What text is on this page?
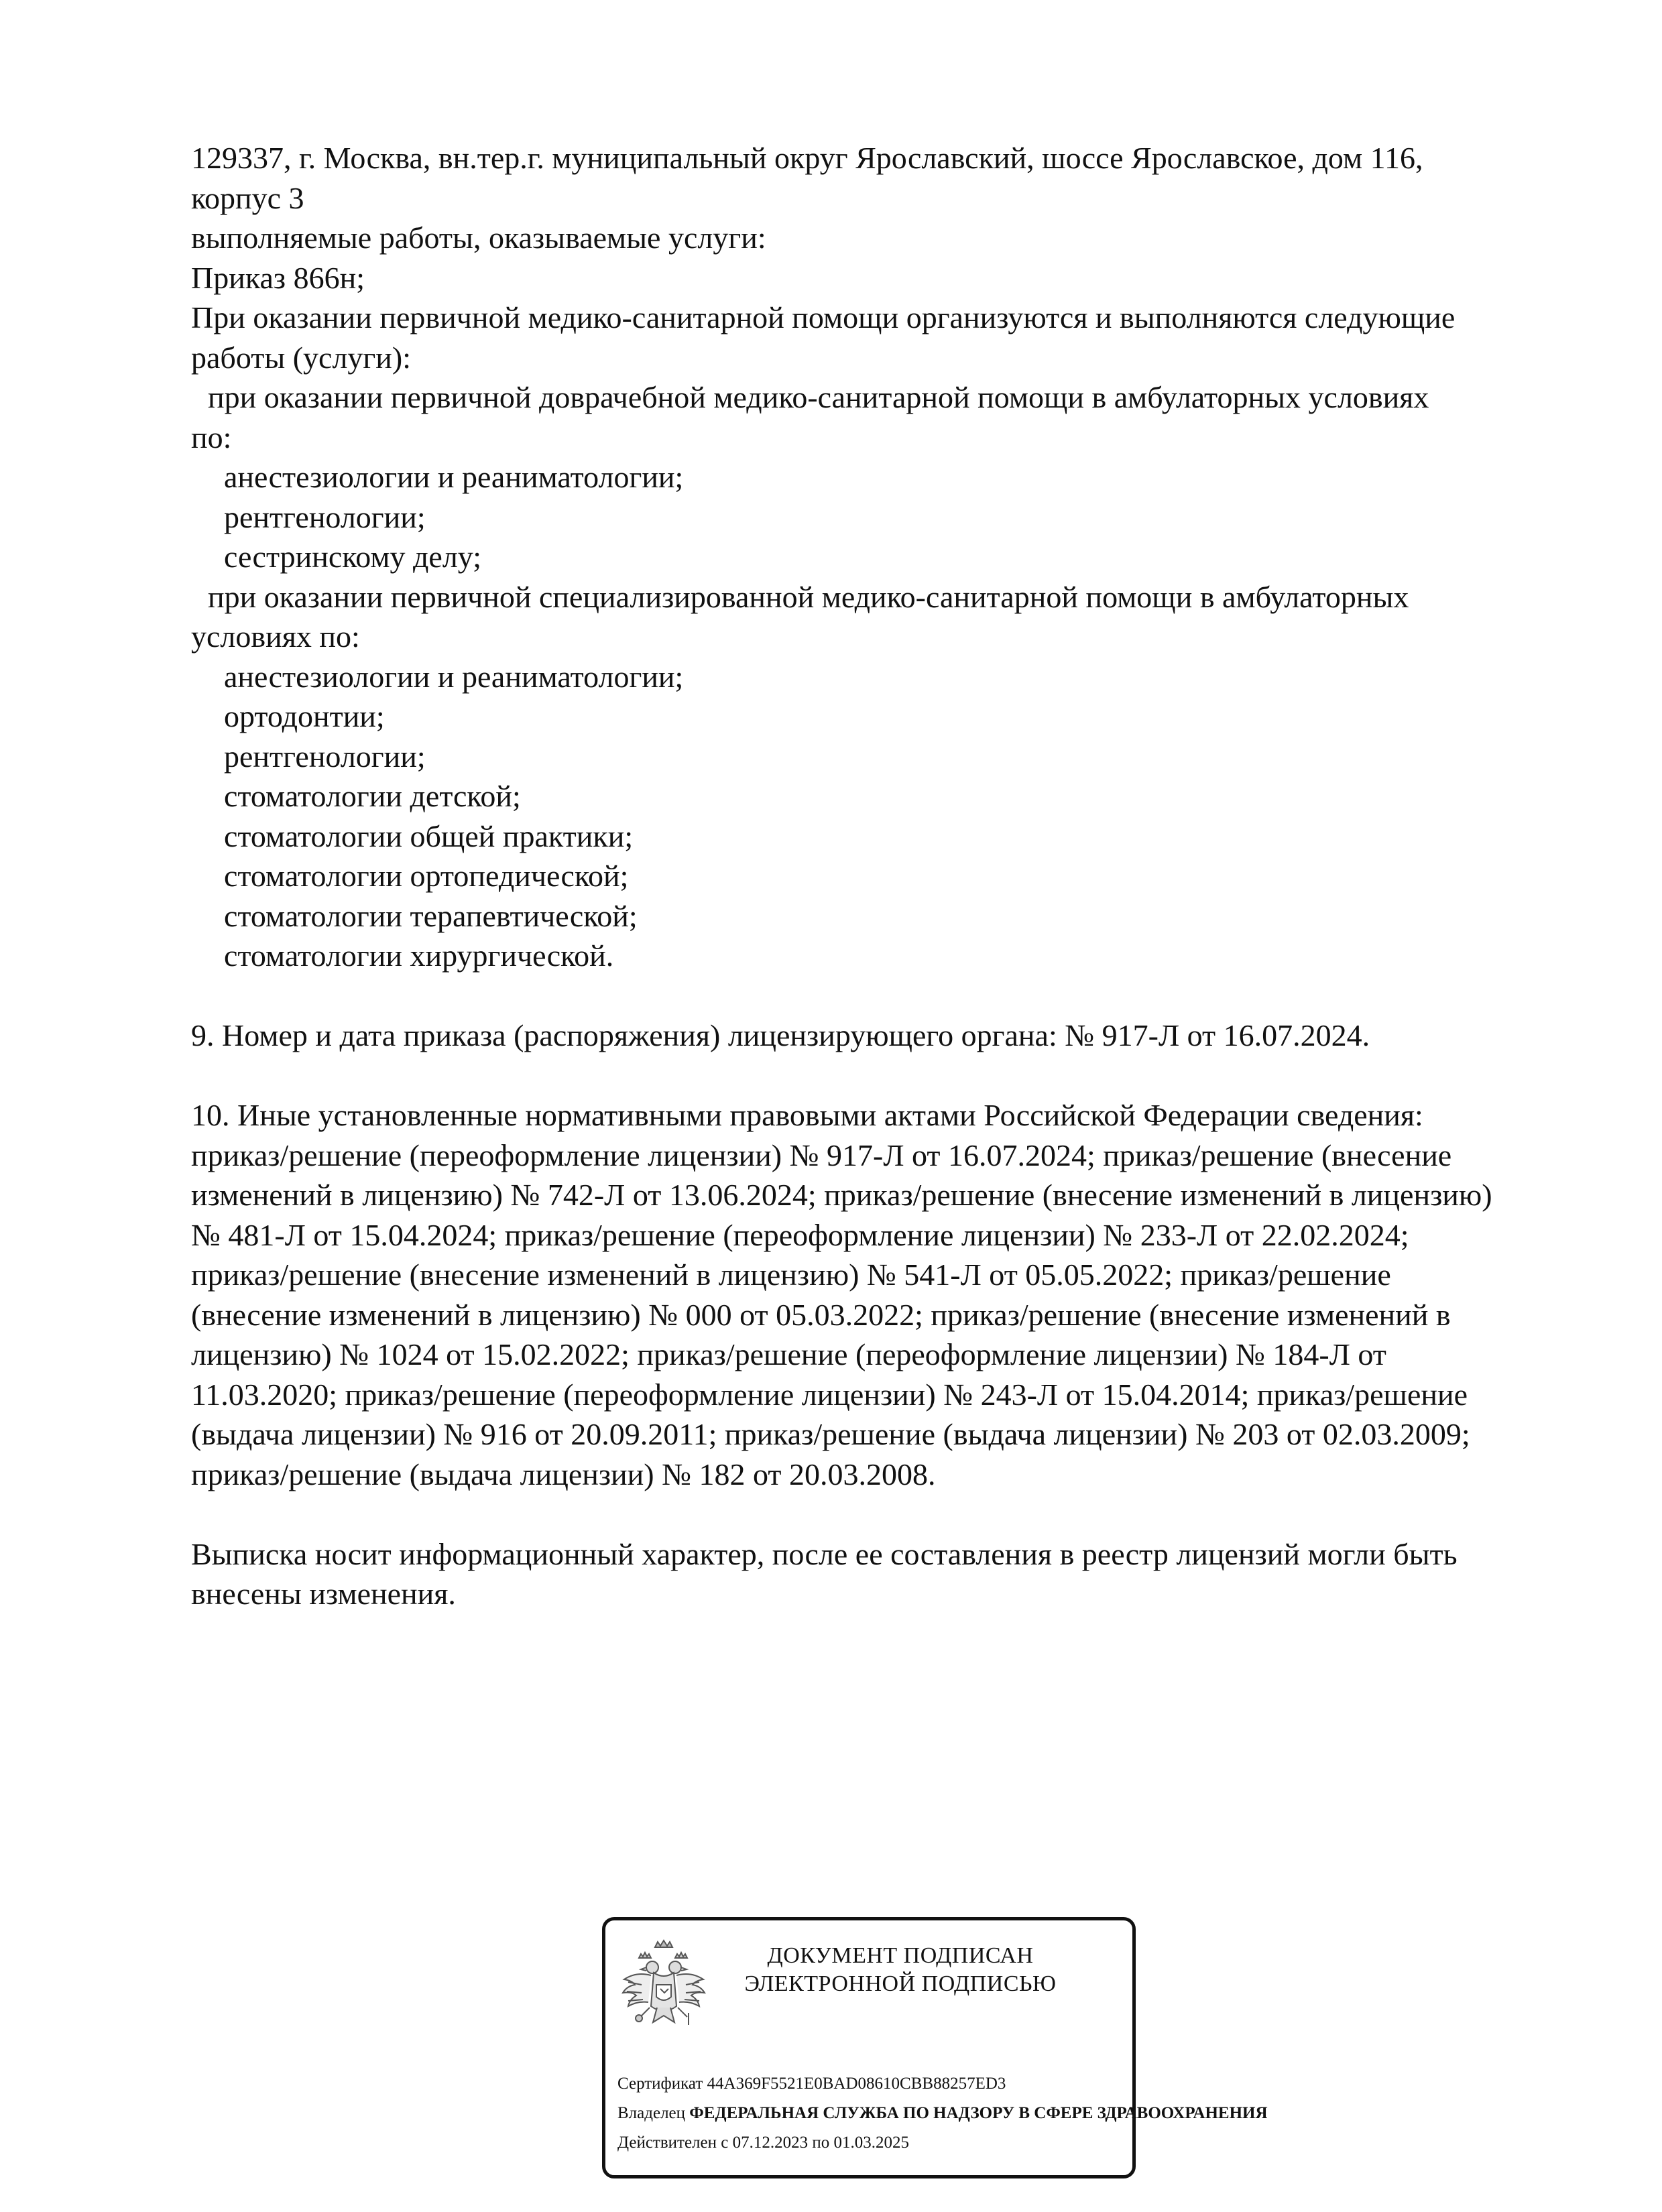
129337, г. Москва, вн.тер.г. муниципальный округ Ярославский, шоссе Ярославское, дом 116,
корпус 3
выполняемые работы, оказываемые услуги:
Приказ 866н;
При оказании первичной медико-санитарной помощи организуются и выполняются следующие
работы (услуги):
при оказании первичной доврачебной медико-санитарной помощи в амбулаторных условиях
по:
анестезиологии и реаниматологии;
рентгенологии;
сестринскому делу;
при оказании первичной специализированной медико-санитарной помощи в амбулаторных
условиях по:
анестезиологии и реаниматологии;
ортодонтии;
рентгенологии;
стоматологии детской;
стоматологии общей практики;
стоматологии ортопедической;
стоматологии терапевтической;
стоматологии хирургической.
9. Номер и дата приказа (распоряжения) лицензирующего органа: № 917-Л от 16.07.2024.
10. Иные установленные нормативными правовыми актами Российской Федерации сведения:
приказ/решение (переоформление лицензии) № 917-Л от 16.07.2024; приказ/решение (внесение
изменений в лицензию) № 742-Л от 13.06.2024; приказ/решение (внесение изменений в лицензию)
№ 481-Л от 15.04.2024; приказ/решение (переоформление лицензии) № 233-Л от 22.02.2024;
приказ/решение (внесение изменений в лицензию) № 541-Л от 05.05.2022; приказ/решение
(внесение изменений в лицензию) № 000 от 05.03.2022; приказ/решение (внесение изменений в
лицензию) № 1024 от 15.02.2022; приказ/решение (переоформление лицензии) № 184-Л от
11.03.2020; приказ/решение (переоформление лицензии) № 243-Л от 15.04.2014; приказ/решение
(выдача лицензии) № 916 от 20.09.2011; приказ/решение (выдача лицензии) № 203 от 02.03.2009;
приказ/решение (выдача лицензии) № 182 от 20.03.2008.
Выписка носит информационный характер, после ее составления в реестр лицензий могли быть
внесены изменения.
ДОКУМЕНТ ПОДПИСАН
ЭЛЕКТРОННОЙ ПОДПИСЬЮ
Сертификат 44A369F5521E0BAD08610CBB88257ED3
Владелец ФЕДЕРАЛЬНАЯ СЛУЖБА ПО НАДЗОРУ В СФЕРЕ ЗДРАВООХРАНЕНИЯ
Действителен с 07.12.2023 по 01.03.2025
